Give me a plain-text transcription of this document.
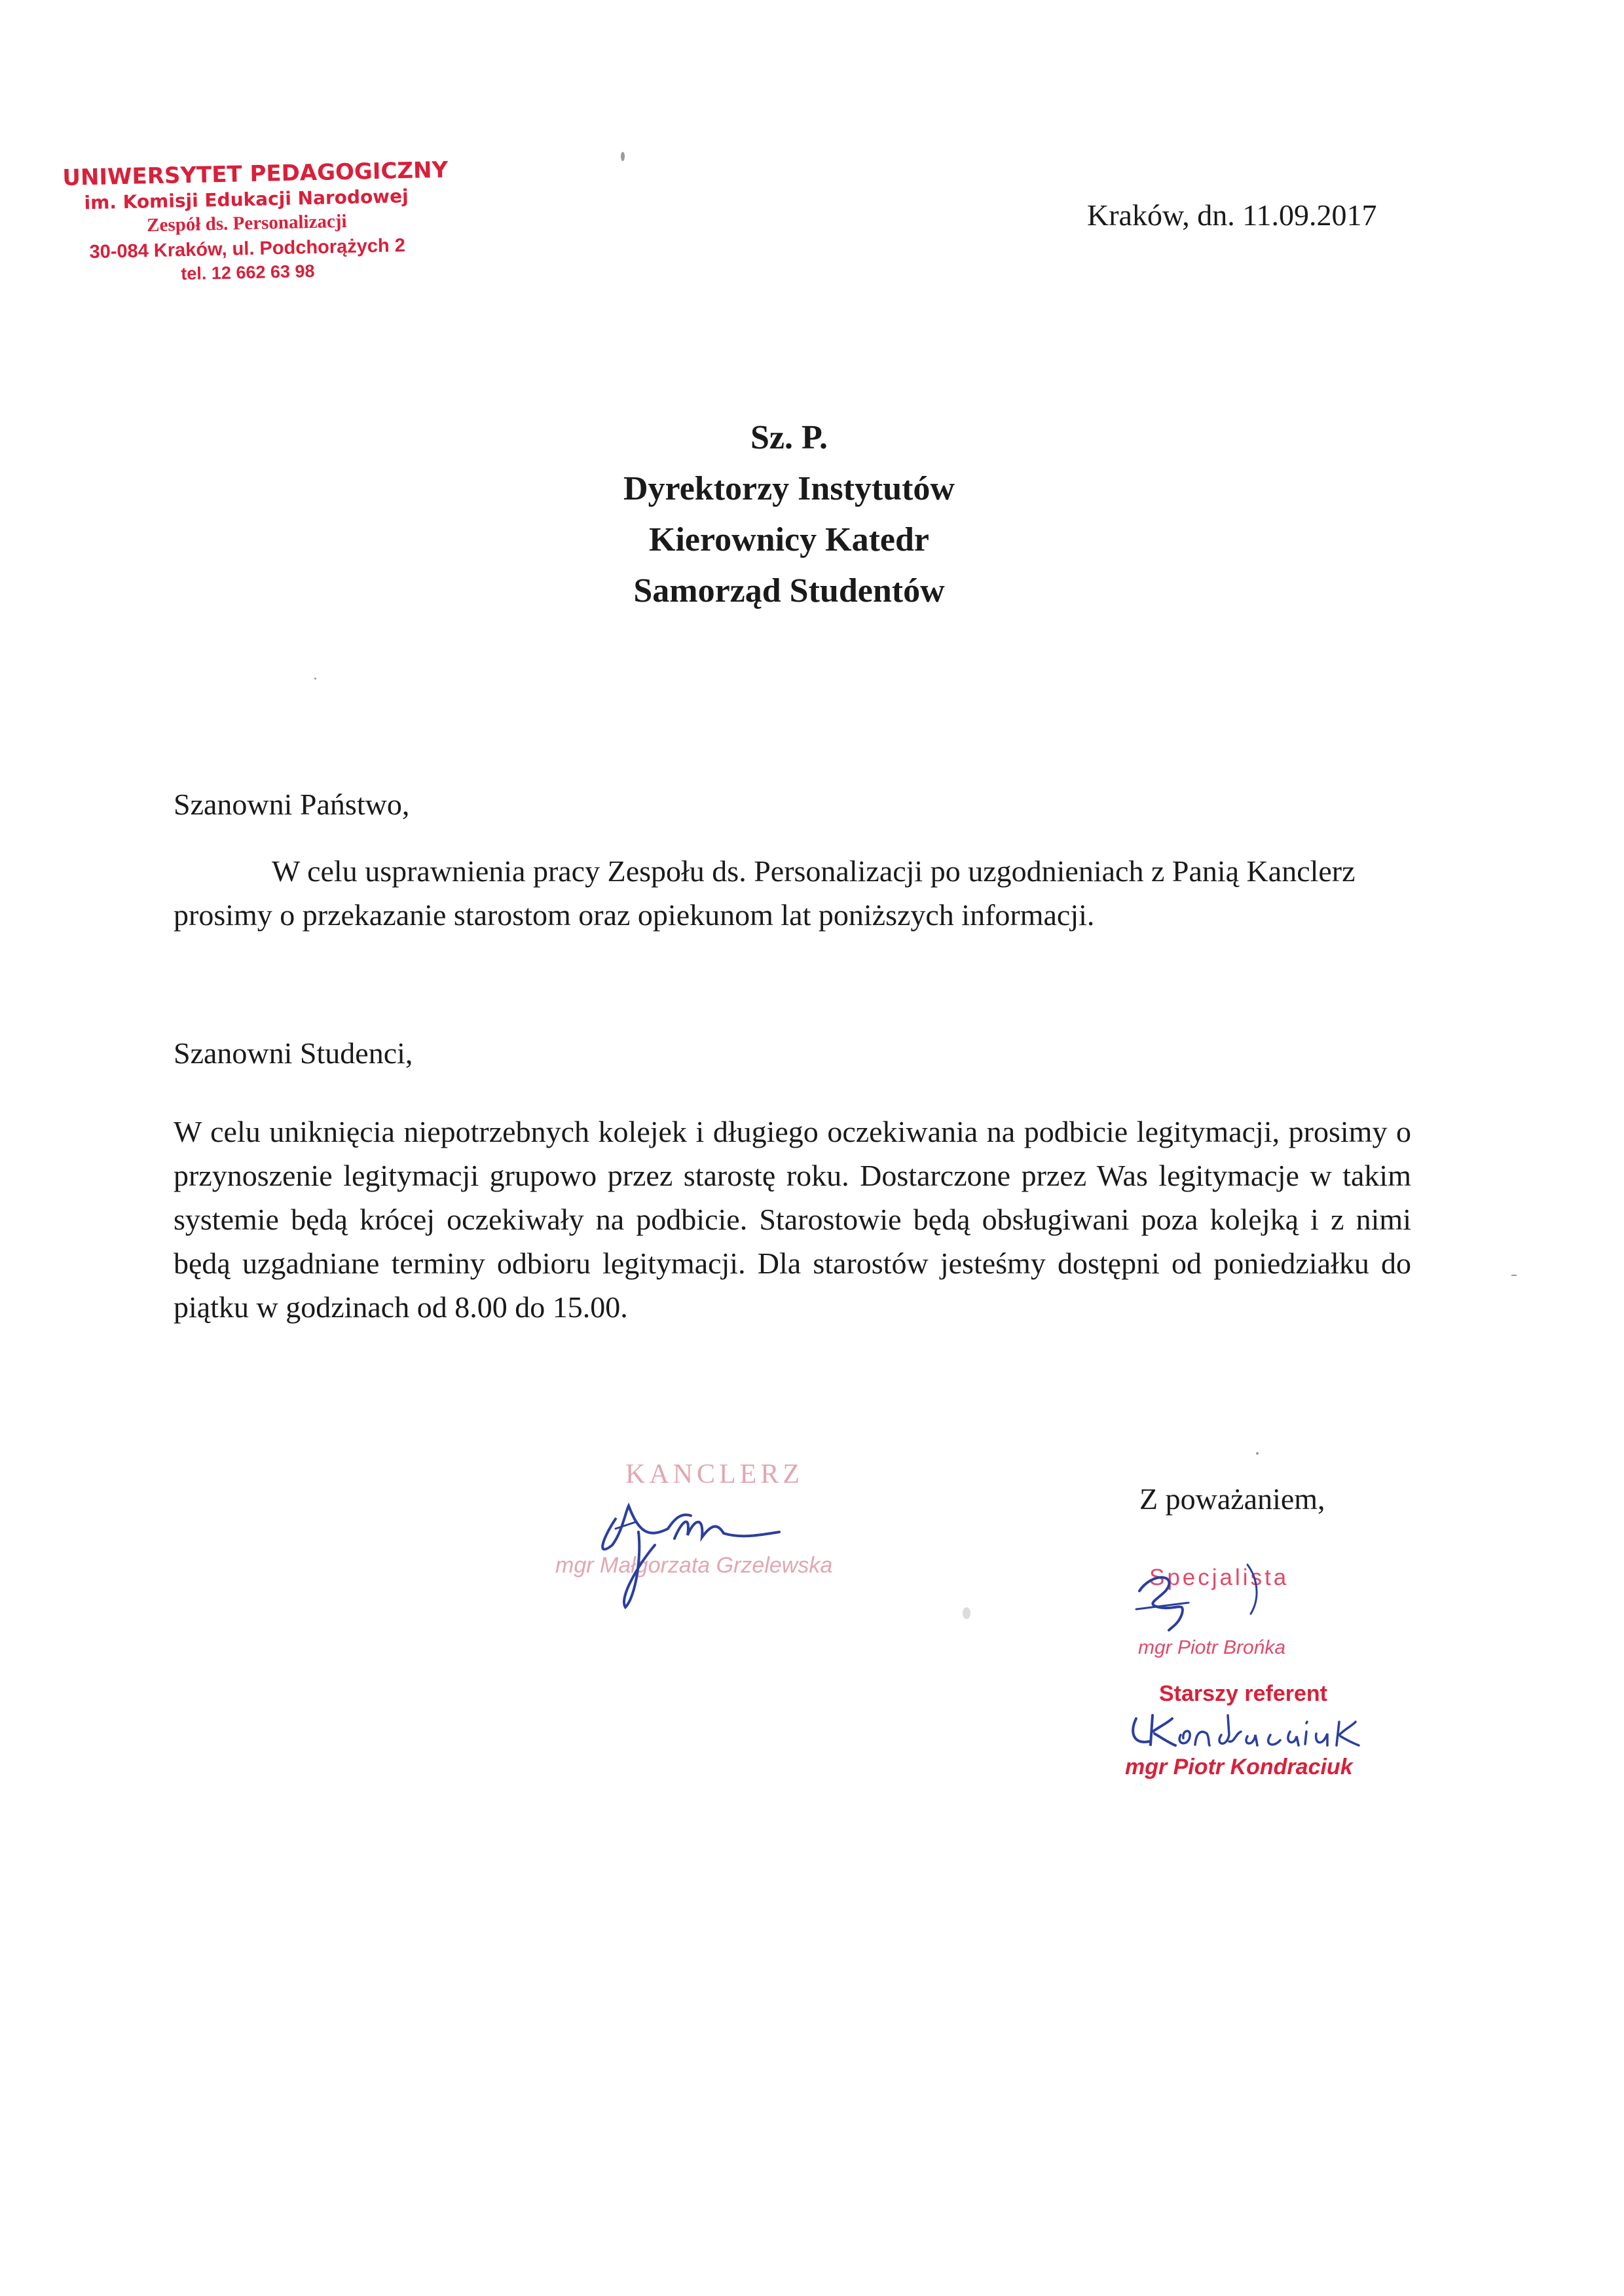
UNIWERSYTET PEDAGOGICZNY
im. Komisji Edukacji Narodowej
Zespół ds. Personalizacji
30-084 Kraków, ul. Podchorążych 2
tel. 12 662 63 98
Kraków, dn. 11.09.2017
Sz. P.
Dyrektorzy Instytutów
Kierownicy Katedr
Samorząd Studentów
Szanowni Państwo,
W celu usprawnienia pracy Zespołu ds. Personalizacji po uzgodnieniach z Panią Kanclerz prosimy o przekazanie starostom oraz opiekunom lat poniższych informacji.
Szanowni Studenci,
W celu uniknięcia niepotrzebnych kolejek i długiego oczekiwania na podbicie legitymacji, prosimy o przynoszenie legitymacji grupowo przez starostę roku. Dostarczone przez Was legitymacje w takim systemie będą krócej oczekiwały na podbicie. Starostowie będą obsługiwani poza kolejką i z nimi będą uzgadniane terminy odbioru legitymacji. Dla starostów jesteśmy dostępni od poniedziałku do piątku w godzinach od 8.00 do 15.00.
KANCLERZ
mgr Małgorzata Grzelewska
Z poważaniem,
Specjalista
mgr Piotr Brońka
Starszy referent
mgr Piotr Kondraciuk
